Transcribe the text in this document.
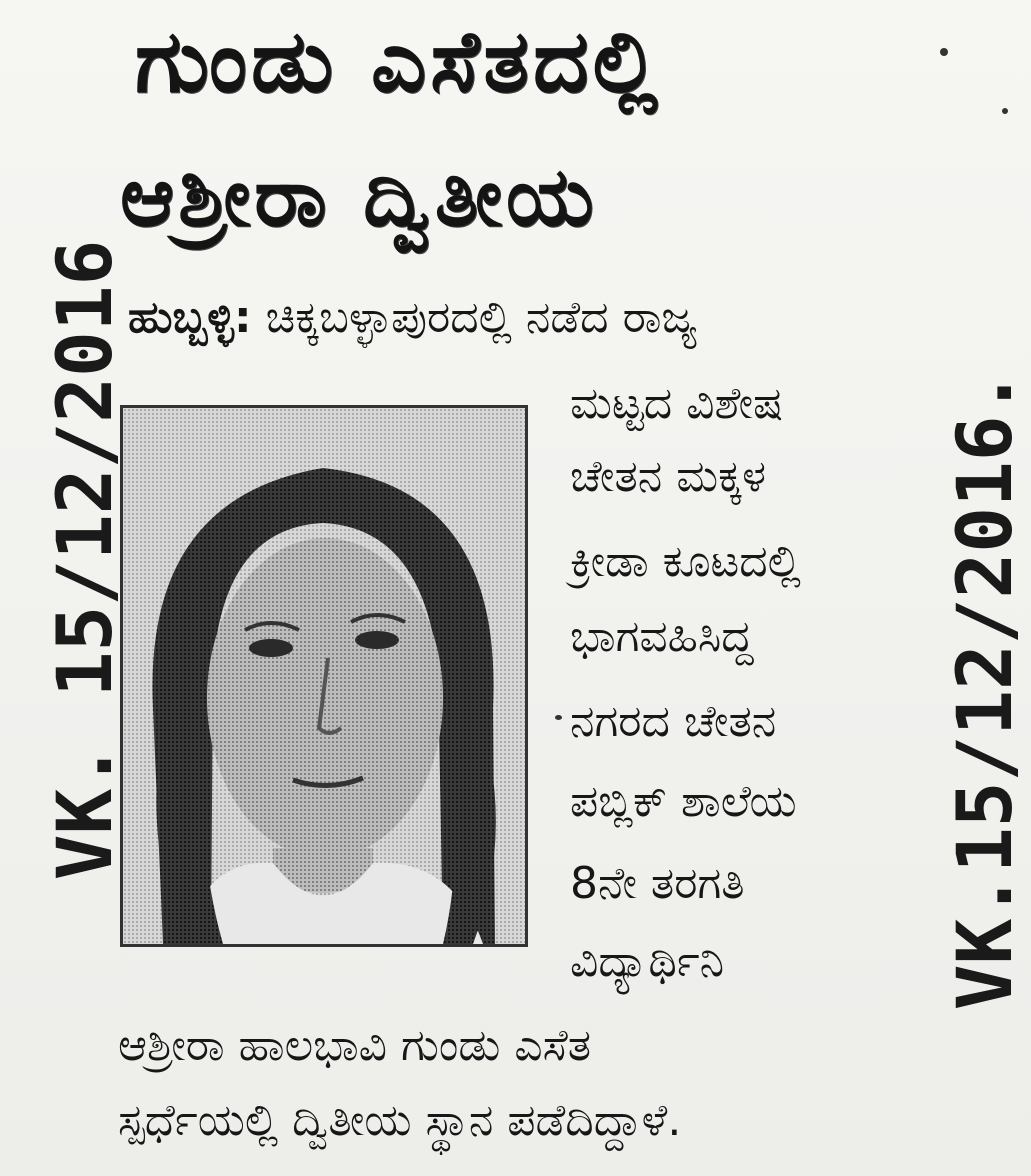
ಗುಂಡು ಎಸೆತದಲ್ಲಿ
ಆಶ್ರೀರಾ ದ್ವಿತೀಯ
ಹುಬ್ಬಳ್ಳಿ: ಚಿಕ್ಕಬಳ್ಳಾಪುರದಲ್ಲಿ ನಡೆದ ರಾಜ್ಯ
ಮಟ್ಟದ ವಿಶೇಷ
ಚೇತನ ಮಕ್ಕಳ
ಕ್ರೀಡಾ ಕೂಟದಲ್ಲಿ
ಭಾಗವಹಿಸಿದ್ದ
ನಗರದ ಚೇತನ
ಪಬ್ಲಿಕ್ ಶಾಲೆಯ
8ನೇ ತರಗತಿ
ವಿದ್ಯಾರ್ಥಿನಿ
ಆಶ್ರೀರಾ ಹಾಲಭಾವಿ ಗುಂಡು ಎಸೆತ
ಸ್ಪರ್ಧೆಯಲ್ಲಿ ದ್ವಿತೀಯ ಸ್ಥಾನ ಪಡೆದಿದ್ದಾಳೆ.
VK. 15/12/2016	VK.15/12/2016.
